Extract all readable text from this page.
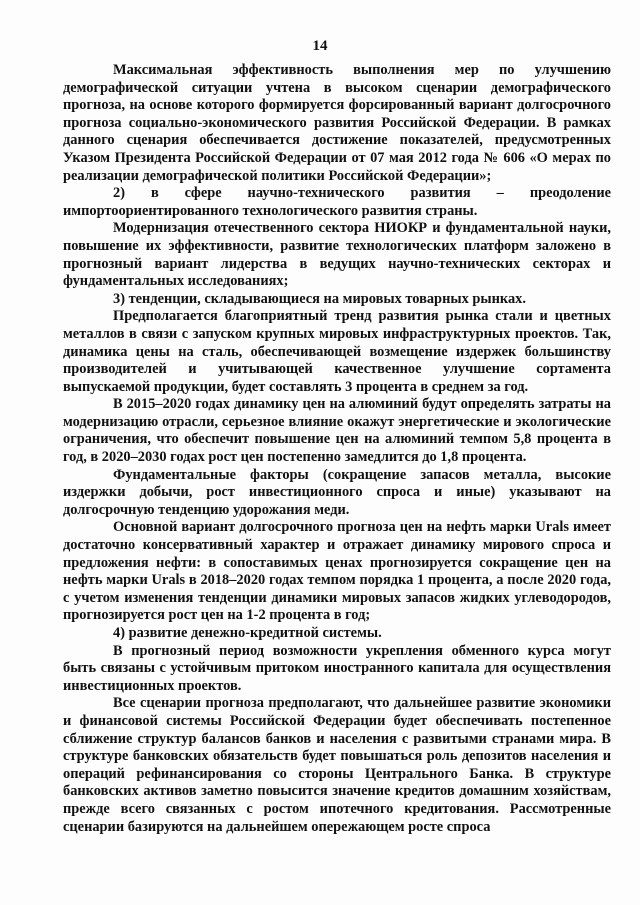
14

Максимальная эффективность выполнения мер по улучшению демографической ситуации учтена в высоком сценарии демографического прогноза, на основе которого формируется форсированный вариант долгосрочного прогноза социально-экономического развития Российской Федерации. В рамках данного сценария обеспечивается достижение показателей, предусмотренных Указом Президента Российской Федерации от 07 мая 2012 года № 606 «О мерах по реализации демографической политики Российской Федерации»;

2) в сфере научно-технического развития – преодоление импортоориентированного технологического развития страны.

Модернизация отечественного сектора НИОКР и фундаментальной науки, повышение их эффективности, развитие технологических платформ заложено в прогнозный вариант лидерства в ведущих научно-технических секторах и фундаментальных исследованиях;

3) тенденции, складывающиеся на мировых товарных рынках.

Предполагается благоприятный тренд развития рынка стали и цветных металлов в связи с запуском крупных мировых инфраструктурных проектов. Так, динамика цены на сталь, обеспечивающей возмещение издержек большинству производителей и учитывающей качественное улучшение сортамента выпускаемой продукции, будет составлять 3 процента в среднем за год.

В 2015–2020 годах динамику цен на алюминий будут определять затраты на модернизацию отрасли, серьезное влияние окажут энергетические и экологические ограничения, что обеспечит повышение цен на алюминий темпом 5,8 процента в год, в 2020–2030 годах рост цен постепенно замедлится до 1,8 процента.

Фундаментальные факторы (сокращение запасов металла, высокие издержки добычи, рост инвестиционного спроса и иные) указывают на долгосрочную тенденцию удорожания меди.

Основной вариант долгосрочного прогноза цен на нефть марки Urals имеет достаточно консервативный характер и отражает динамику мирового спроса и предложения нефти: в сопоставимых ценах прогнозируется сокращение цен на нефть марки Urals в 2018–2020 годах темпом порядка 1 процента, а после 2020 года, с учетом изменения тенденции динамики мировых запасов жидких углеводородов, прогнозируется рост цен на 1-2 процента в год;

4) развитие денежно-кредитной системы.

В прогнозный период возможности укрепления обменного курса могут быть связаны с устойчивым притоком иностранного капитала для осуществления инвестиционных проектов.

Все сценарии прогноза предполагают, что дальнейшее развитие экономики и финансовой системы Российской Федерации будет обеспечивать постепенное сближение структур балансов банков и населения с развитыми странами мира. В структуре банковских обязательств будет повышаться роль депозитов населения и операций рефинансирования со стороны Центрального Банка. В структуре банковских активов заметно повысится значение кредитов домашним хозяйствам, прежде всего связанных с ростом ипотечного кредитования. Рассмотренные сценарии базируются на дальнейшем опережающем росте спроса
